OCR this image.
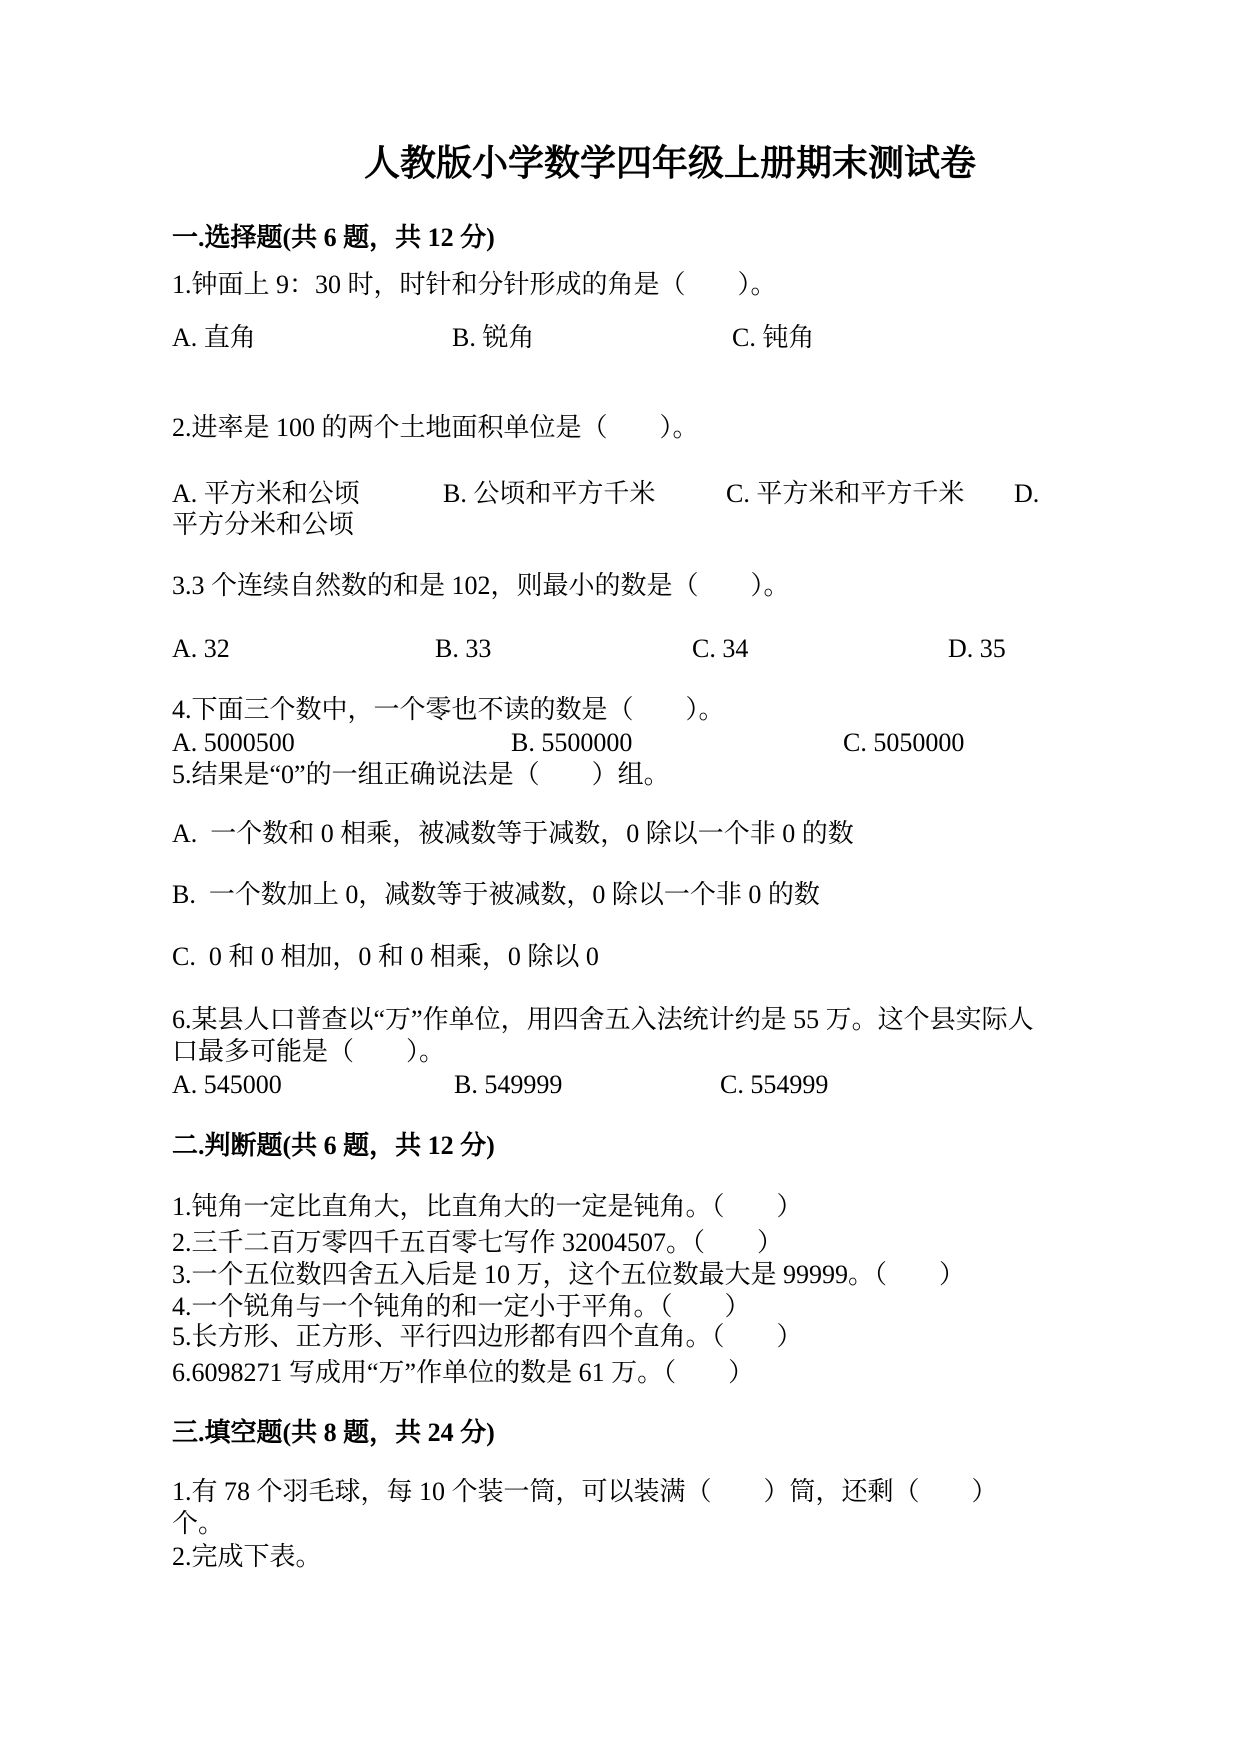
人教版小学数学四年级上册期末测试卷
一.选择题(共 6 题，共 12 分)

1.钟面上 9：30 时，时针和分针形成的角是（　　）。

A. 直角

	B. 锐角

	C. 钝角

2.进率是 100 的两个土地面积单位是（　　）。

A. 平方米和公顷

	B. 公顷和平方千米

	C. 平方米和平方千米

D.

平方分米和公顷

3.3 个连续自然数的和是 102，则最小的数是（　　）。

A. 32

	B. 33

	C. 34

	D. 35

4.下面三个数中，一个零也不读的数是（　　）。

A. 5000500

	B. 5500000

	C. 5050000

5.结果是“0”的一组正确说法是（　　）组。

A.  一个数和 0 相乘，被减数等于减数，0 除以一个非 0 的数

B.  一个数加上 0，减数等于被减数，0 除以一个非 0 的数

C.  0 和 0 相加，0 和 0 相乘，0 除以 0

6.某县人口普查以“万”作单位，用四舍五入法统计约是 55 万。这个县实际人

口最多可能是（　　）。

A. 545000

	B. 549999

	C. 554999

二.判断题(共 6 题，共 12 分)

1.钝角一定比直角大，比直角大的一定是钝角。（　　）

2.三千二百万零四千五百零七写作 32004507。（　　）

3.一个五位数四舍五入后是 10 万，这个五位数最大是 99999。（　　）

4.一个锐角与一个钝角的和一定小于平角。（　　）

5.长方形、正方形、平行四边形都有四个直角。（　　）

6.6098271 写成用“万”作单位的数是 61 万。（　　）

三.填空题(共 8 题，共 24 分)

1.有 78 个羽毛球，每 10 个装一筒，可以装满（　　）筒，还剩（　　）

个。

2.完成下表。
